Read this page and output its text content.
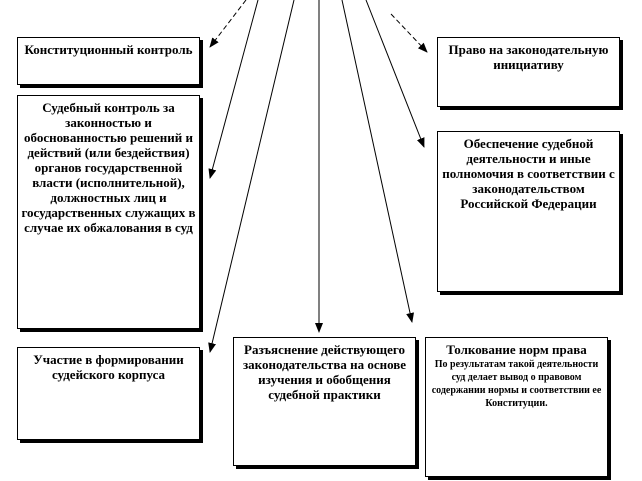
Конституционный контроль
Судебный контроль за законностью и обоснованностью решений и действий (или бездействия) органов государственной власти (исполнительной), должностных лиц и государственных служащих в случае их обжалования в суд
Участие в формировании судейского корпуса
Разъяснение действующего законодательства на основе изучения и обобщения судебной практики
Право на законодательную инициативу
Обеспечение судебной деятельности и иные полномочия в соответствии с законодательством Российской Федерации
Толкование норм права
По результатам такой деятельности суд делает вывод о правовом содержании нормы и соответствии ее Конституции.
